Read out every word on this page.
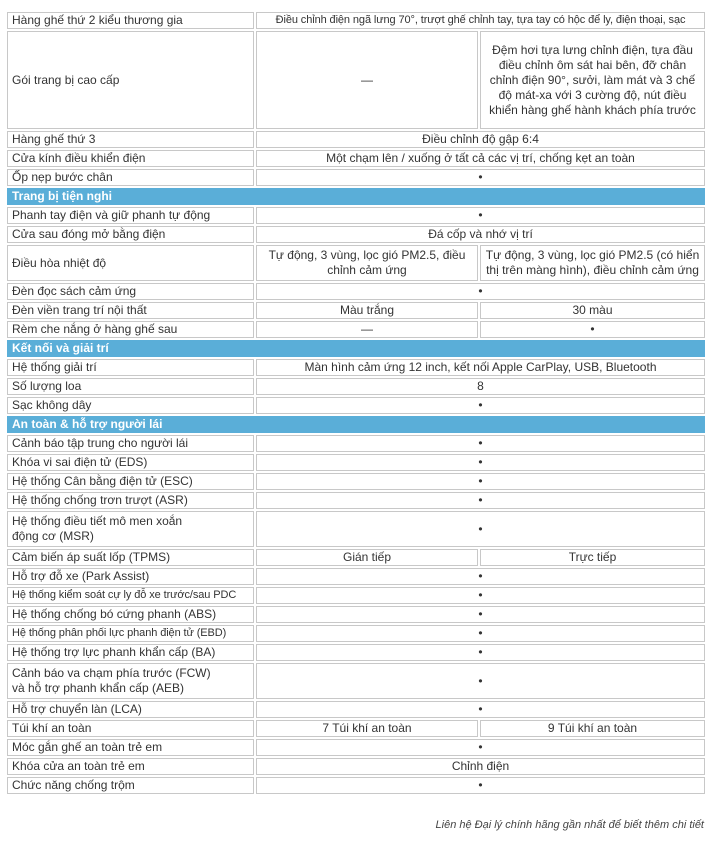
Hàng ghế thứ 2 kiểu thương gia	Điều chỉnh điện ngã lưng 70°, trượt ghế chỉnh tay, tựa tay có hộc để ly, điện thoại, sạc	
Gói trang bị cao cấp	—	Đệm hơi tựa lưng chỉnh điện, tựa đầu điều chỉnh ôm sát hai bên, đỡ chân chỉnh điện 90°, sưởi, làm mát và 3 chế độ mát-xa với 3 cường độ, nút điều khiển hàng ghế hành khách phía trước
Hàng ghế thứ 3	Điều chỉnh độ gập 6:4	
Cửa kính điều khiển điện	Một chạm lên / xuống ở tất cả các vị trí, chống kẹt an toàn	
Ốp nẹp bước chân	•	
Trang bị tiện nghi		
Phanh tay điện và giữ phanh tự động	•	
Cửa sau đóng mở bằng điện	Đá cốp và nhớ vị trí	
Điều hòa nhiệt độ	Tự động, 3 vùng, lọc gió PM2.5, điều chỉnh cảm ứng	Tự động, 3 vùng, lọc gió PM2.5 (có hiển thị trên màng hình), điều chỉnh cảm ứng
Đèn đọc sách cảm ứng	•	
Đèn viền trang trí nội thất	Màu trắng	30 màu
Rèm che nắng ở hàng ghế sau	—	•
Kết nối và giải trí		
Hệ thống giải trí	Màn hình cảm ứng 12 inch, kết nối Apple CarPlay, USB, Bluetooth	
Số lượng loa	8	
Sạc không dây	•	
An toàn & hỗ trợ người lái		
Cảnh báo tập trung cho người lái	•	
Khóa vi sai điện tử (EDS)	•	
Hệ thống Cân bằng điện tử (ESC)	•	
Hệ thống chống trơn trượt (ASR)	•	

Hệ thống điều tiết mô men xoắn
động cơ (MSR)	•	
Cảm biến áp suất lốp (TPMS)	Gián tiếp	Trực tiếp
Hỗ trợ đỗ xe (Park Assist)	•	
Hệ thống kiểm soát cự ly đỗ xe trước/sau PDC	•	
Hệ thống chống bó cứng phanh (ABS)	•	
Hệ thống phân phối lực phanh điện tử (EBD)	•	
Hệ thống trợ lực phanh khẩn cấp (BA)	•	

Cảnh báo va chạm phía trước (FCW)
và hỗ trợ phanh khẩn cấp (AEB)	•	
Hỗ trợ chuyển làn (LCA)	•	
Túi khí an toàn	7 Túi khí an toàn	9 Túi khí an toàn
Móc gắn ghế an toàn trẻ em	•	
Khóa cửa an toàn trẻ em	Chỉnh điện	
Chức năng chống trộm	•	
Liên hệ Đại lý chính hãng gần nhất để biết thêm chi tiết
